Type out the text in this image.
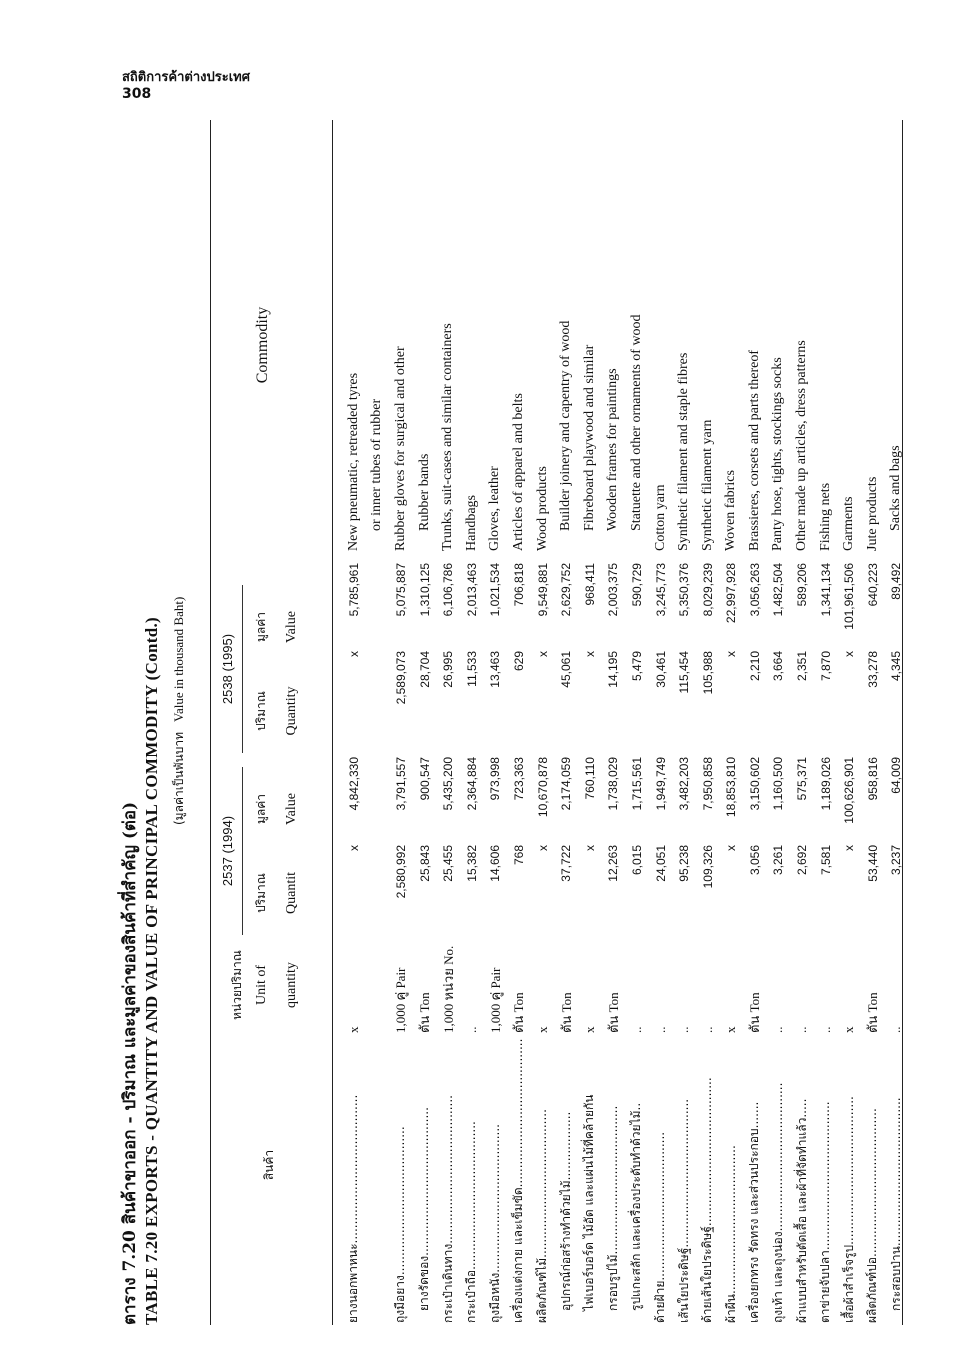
สถิติการค้าต่างประเทศ
308
ตาราง 7.20 สินค้าขาออก - ปริมาณ และมูลค่าของสินค้าที่สำคัญ (ต่อ) TABLE 7.20 EXPORTS - QUANTITY AND VALUE OF PRINCIPAL COMMODITY (Contd.) (มูลค่าเป็นพันบาท Value in thousand Baht)
สินค้า
หน่วยปริมาณ Unit of quantity
2537 (1994)
ปริมาณ
มูลค่า
Quantit
Value
2538 (1995)
ปริมาณ
มูลค่า
Quantity
Value
Commodity
ยางนอกพาหนะ.......................................	x	x	4,842,330		x	5,785,961	New pneumatic, retreaded tyres
							or inner tubes of rubber
ถุงมือยาง.......................................	1,000 คู่ Pair	2,580,992	3,791,557		2,589,073	5,075,887	Rubber gloves for surgical and other
ยางรัดของ.......................................	ตัน Ton	25,843	900,547		28,704	1,310,125	Rubber bands
กระเป๋าเดินทาง.......................................	1,000 หน่วย No.	25,455	5,435,200		26,995	6,106,786	Trunks, suit-cases and similar containers
กระเป๋าถือ.......................................	..	15,382	2,364,884		11,533	2,013,463	Handbags
ถุงมือหนัง.......................................	1,000 คู่ Pair	14,606	973,998		13,463	1,021,534	Gloves, leather
เครื่องแต่งกาย และเข็มขัด.......................................	ตัน Ton	768	723,363		629	706,818	Articles of apparel and belts
ผลิตภัณฑ์ไม้.......................................	x	x	10,670,878		x	9,549,881	Wood products
อุปกรณ์ก่อสร้างทำด้วยไม้..................	ตัน Ton	37,722	2,174,059		45,061	2,629,752	Builder joinery and capentry of wood
ไฟเบอร์บอร์ด ไม้อัด และแผ่นไม้ที่คล้ายกัน	x	x	760,110		x	968,411	Fibreboard playwood and similar
กรอบรูปไม้.......................................	ตัน Ton	12,263	1,738,029		14,195	2,003,375	Wooden frames for paintings
รูปแกะสลัก และเครื่องประดับทำด้วยไม้..	..	6,015	1,715,561		5,479	590,729	Statuette and other ornaments of wood
ด้ายฝ้าย.......................................	..	24,051	1,949,749		30,461	3,245,773	Cotton yarn
เส้นใยประดิษฐ์.......................................	..	95,238	3,482,203		115,454	5,350,376	Synthetic filament and staple fibres
ด้ายเส้นใยประดิษฐ์.......................................	..	109,326	7,950,858		105,988	8,029,239	Synthetic filament yarn
ผ้าผืน.......................................	x	x	18,853,810		x	22,997,928	Woven fabrics
เครื่องยกทรง รัดทรง และส่วนประกอบ.......	ตัน Ton	3,056	3,150,602		2,210	3,056,263	Brassieres, corsets and parts thereof
ถุงเท้า และถุงน่อง.......................................	..	3,261	1,160,500		3,664	1,482,504	Panty hose, tights, stockings socks
ผ้าแบบสำหรับตัดเสื้อ และผ้าที่จัดทำแล้ว.....	..	2,692	575,371		2,351	589,206	Other made up articles, dress patterns
ตาข่ายจับปลา.......................................	..	7,581	1,189,026		7,870	1,341,134	Fishing nets
เสื้อผ้าสำเร็จรูป.......................................	x	x	100,626,901		x	101,961,506	Garments
ผลิตภัณฑ์ปอ.......................................	ตัน Ton	53,440	958,816		33,278	640,223	Jute products
กระสอบป่าน.......................................	..	3,237	64,009		4,345	89,492	Sacks and bags
